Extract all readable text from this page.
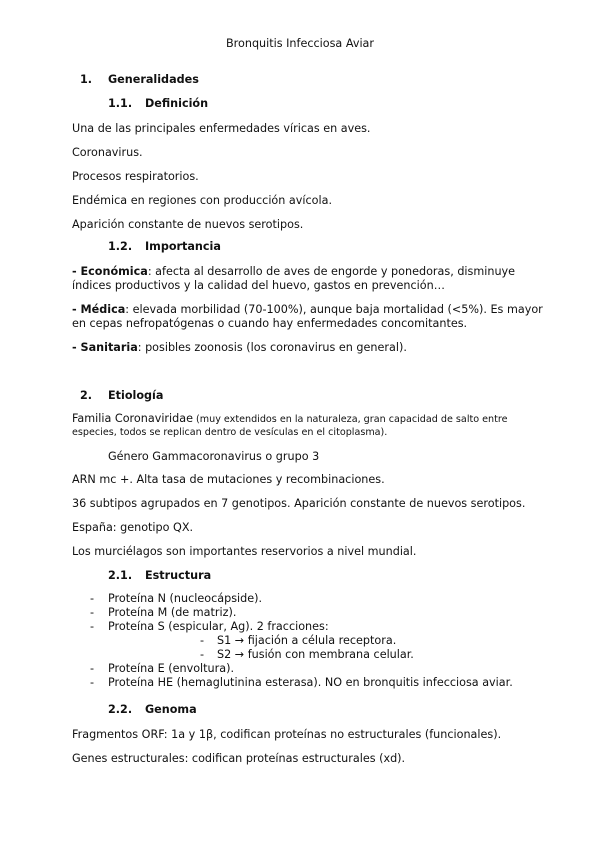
Bronquitis Infecciosa Aviar
1. Generalidades
1.1. Definición
Una de las principales enfermedades víricas en aves.
Coronavirus.
Procesos respiratorios.
Endémica en regiones con producción avícola.
Aparición constante de nuevos serotipos.
1.2. Importancia
- Económica: afecta al desarrollo de aves de engorde y ponedoras, disminuye
índices productivos y la calidad del huevo, gastos en prevención…
- Médica: elevada morbilidad (70-100%), aunque baja mortalidad (<5%). Es mayor
en cepas nefropatógenas o cuando hay enfermedades concomitantes.
- Sanitaria: posibles zoonosis (los coronavirus en general).
2. Etiología
Familia Coronaviridae (muy extendidos en la naturaleza, gran capacidad de salto entre
especies, todos se replican dentro de vesículas en el citoplasma).
Género Gammacoronavirus o grupo 3
ARN mc +. Alta tasa de mutaciones y recombinaciones.
36 subtipos agrupados en 7 genotipos. Aparición constante de nuevos serotipos.
España: genotipo QX.
Los murciélagos son importantes reservorios a nivel mundial.
2.1. Estructura
- Proteína N (nucleocápside).
- Proteína M (de matriz).
- Proteína S (espicular, Ag). 2 fracciones:
- S1 → fijación a célula receptora.
- S2 → fusión con membrana celular.
- Proteína E (envoltura).
- Proteína HE (hemaglutinina esterasa). NO en bronquitis infecciosa aviar.
2.2. Genoma
Fragmentos ORF: 1a y 1β, codifican proteínas no estructurales (funcionales).
Genes estructurales: codifican proteínas estructurales (xd).
